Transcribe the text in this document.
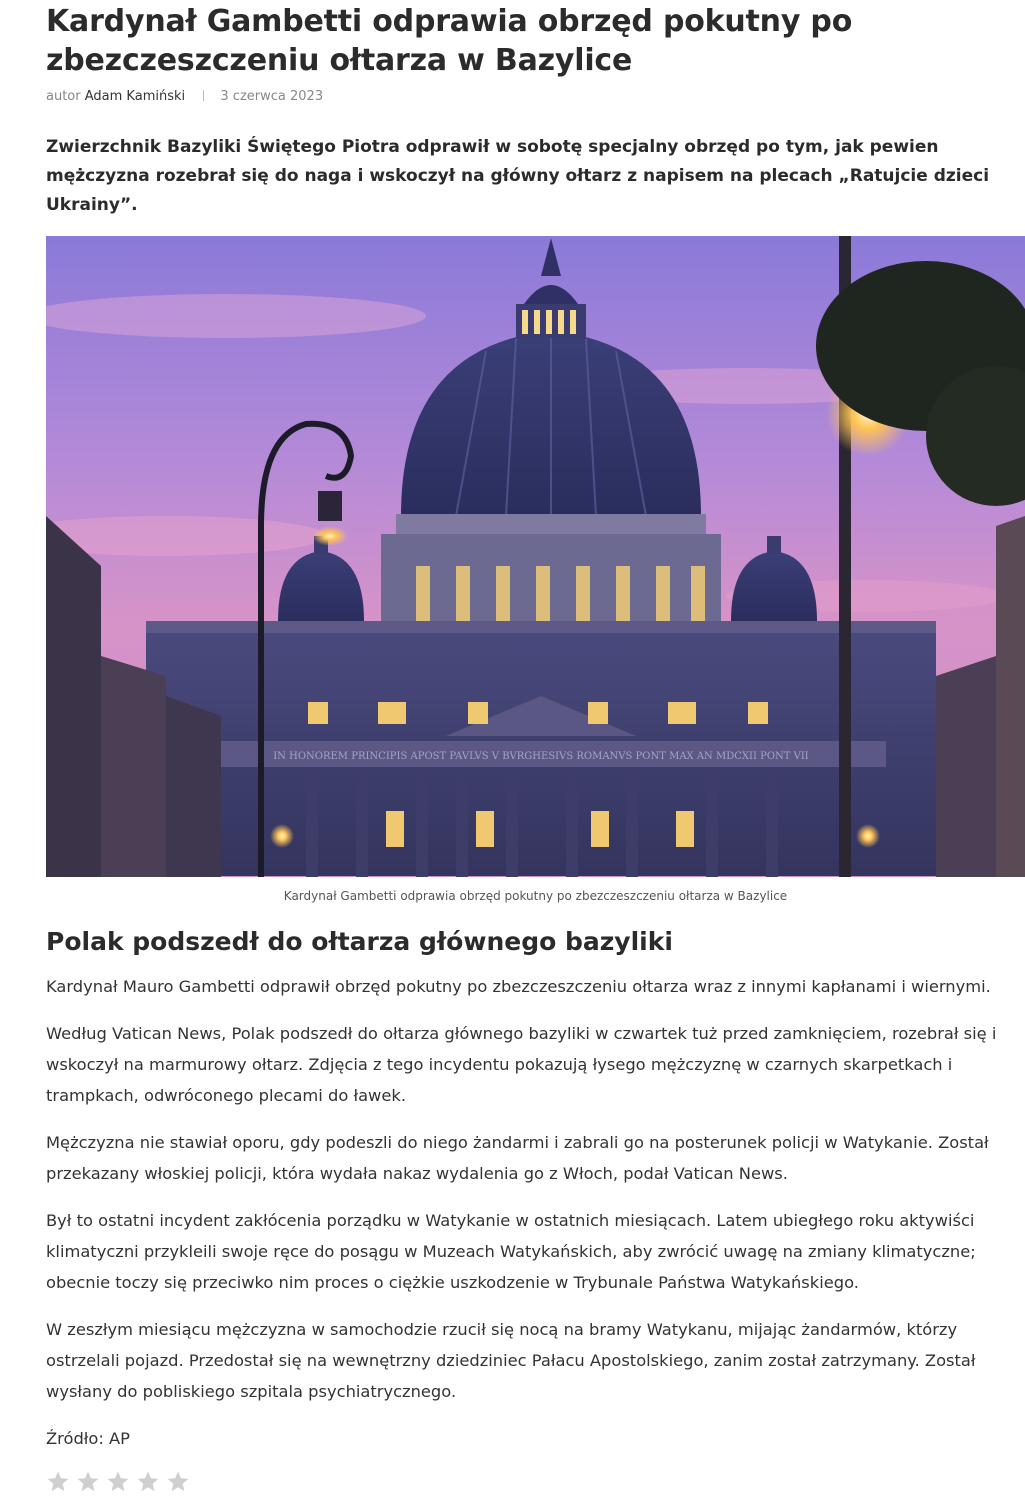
Kardynał Gambetti odprawia obrzęd pokutny po zbezczeszczeniu ołtarza w Bazylice
autor Adam Kamiński	3 czerwca 2023
Zwierzchnik Bazyliki Świętego Piotra odprawił w sobotę specjalny obrzęd po tym, jak pewien mężczyzna rozebrał się do naga i wskoczył na główny ołtarz z napisem na plecach „Ratujcie dzieci Ukrainy”.
IN HONOREM PRINCIPIS APOST PAVLVS V BVRGHESIVS ROMANVS PONT MAX AN MDCXII PONT VII
Kardynał Gambetti odprawia obrzęd pokutny po zbezczeszczeniu ołtarza w Bazylice
Polak podszedł do ołtarza głównego bazyliki

Kardynał Mauro Gambetti odprawił obrzęd pokutny po zbezczeszczeniu ołtarza wraz z innymi kapłanami i wiernymi.

Według Vatican News, Polak podszedł do ołtarza głównego bazyliki w czwartek tuż przed zamknięciem, rozebrał się i wskoczył na marmurowy ołtarz. Zdjęcia z tego incydentu pokazują łysego mężczyznę w czarnych skarpetkach i trampkach, odwróconego plecami do ławek.

Mężczyzna nie stawiał oporu, gdy podeszli do niego żandarmi i zabrali go na posterunek policji w Watykanie. Został przekazany włoskiej policji, która wydała nakaz wydalenia go z Włoch, podał Vatican News.

Był to ostatni incydent zakłócenia porządku w Watykanie w ostatnich miesiącach. Latem ubiegłego roku aktywiści klimatyczni przykleili swoje ręce do posągu w Muzeach Watykańskich, aby zwrócić uwagę na zmiany klimatyczne; obecnie toczy się przeciwko nim proces o ciężkie uszkodzenie w Trybunale Państwa Watykańskiego.

W zeszłym miesiącu mężczyzna w samochodzie rzucił się nocą na bramy Watykanu, mijając żandarmów, którzy ostrzelali pojazd. Przedostał się na wewnętrzny dziedziniec Pałacu Apostolskiego, zanim został zatrzymany. Został wysłany do pobliskiego szpitala psychiatrycznego.

Źródło: AP
